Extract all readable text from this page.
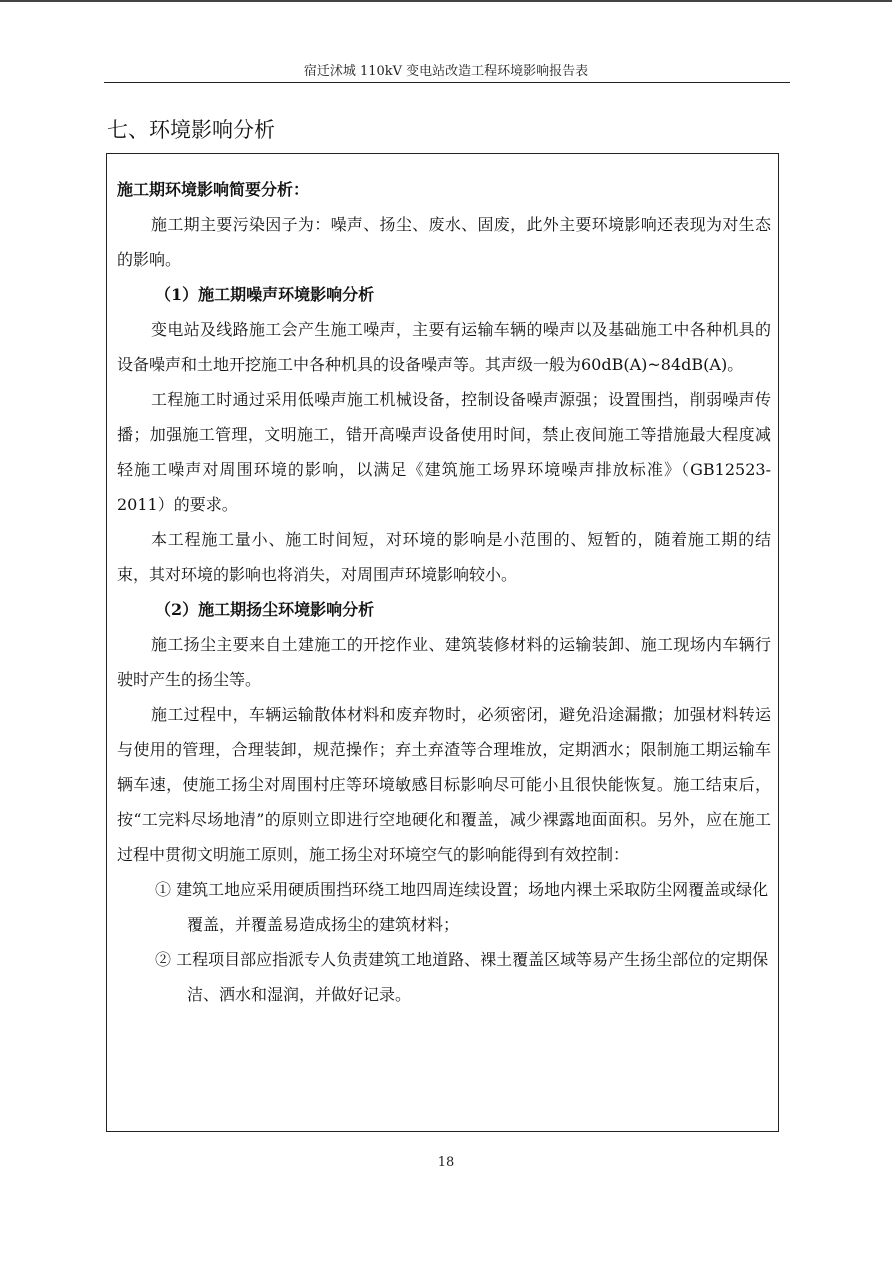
宿迁沭城 110kV 变电站改造工程环境影响报告表
七、环境影响分析

施工期环境影响简要分析：

施工期主要污染因子为：噪声、扬尘、废水、固废，此外主要环境影响还表现为对生态的影响。

（1）施工期噪声环境影响分析

变电站及线路施工会产生施工噪声，主要有运输车辆的噪声以及基础施工中各种机具的设备噪声和土地开挖施工中各种机具的设备噪声等。其声级一般为60dB(A)~84dB(A)。

工程施工时通过采用低噪声施工机械设备，控制设备噪声源强；设置围挡，削弱噪声传播；加强施工管理，文明施工，错开高噪声设备使用时间，禁止夜间施工等措施最大程度减轻施工噪声对周围环境的影响，以满足《建筑施工场界环境噪声排放标准》（GB12523-2011）的要求。

本工程施工量小、施工时间短，对环境的影响是小范围的、短暂的，随着施工期的结束，其对环境的影响也将消失，对周围声环境影响较小。

（2）施工期扬尘环境影响分析

施工扬尘主要来自土建施工的开挖作业、建筑装修材料的运输装卸、施工现场内车辆行驶时产生的扬尘等。

施工过程中，车辆运输散体材料和废弃物时，必须密闭，避免沿途漏撒；加强材料转运与使用的管理，合理装卸，规范操作；弃土弃渣等合理堆放，定期洒水；限制施工期运输车辆车速，使施工扬尘对周围村庄等环境敏感目标影响尽可能小且很快能恢复。施工结束后，按“工完料尽场地清”的原则立即进行空地硬化和覆盖，减少裸露地面面积。另外，应在施工过程中贯彻文明施工原则，施工扬尘对环境空气的影响能得到有效控制：

① 建筑工地应采用硬质围挡环绕工地四周连续设置；场地内裸土采取防尘网覆盖或绿化覆盖，并覆盖易造成扬尘的建筑材料；

② 工程项目部应指派专人负责建筑工地道路、裸土覆盖区域等易产生扬尘部位的定期保洁、洒水和湿润，并做好记录。

18
